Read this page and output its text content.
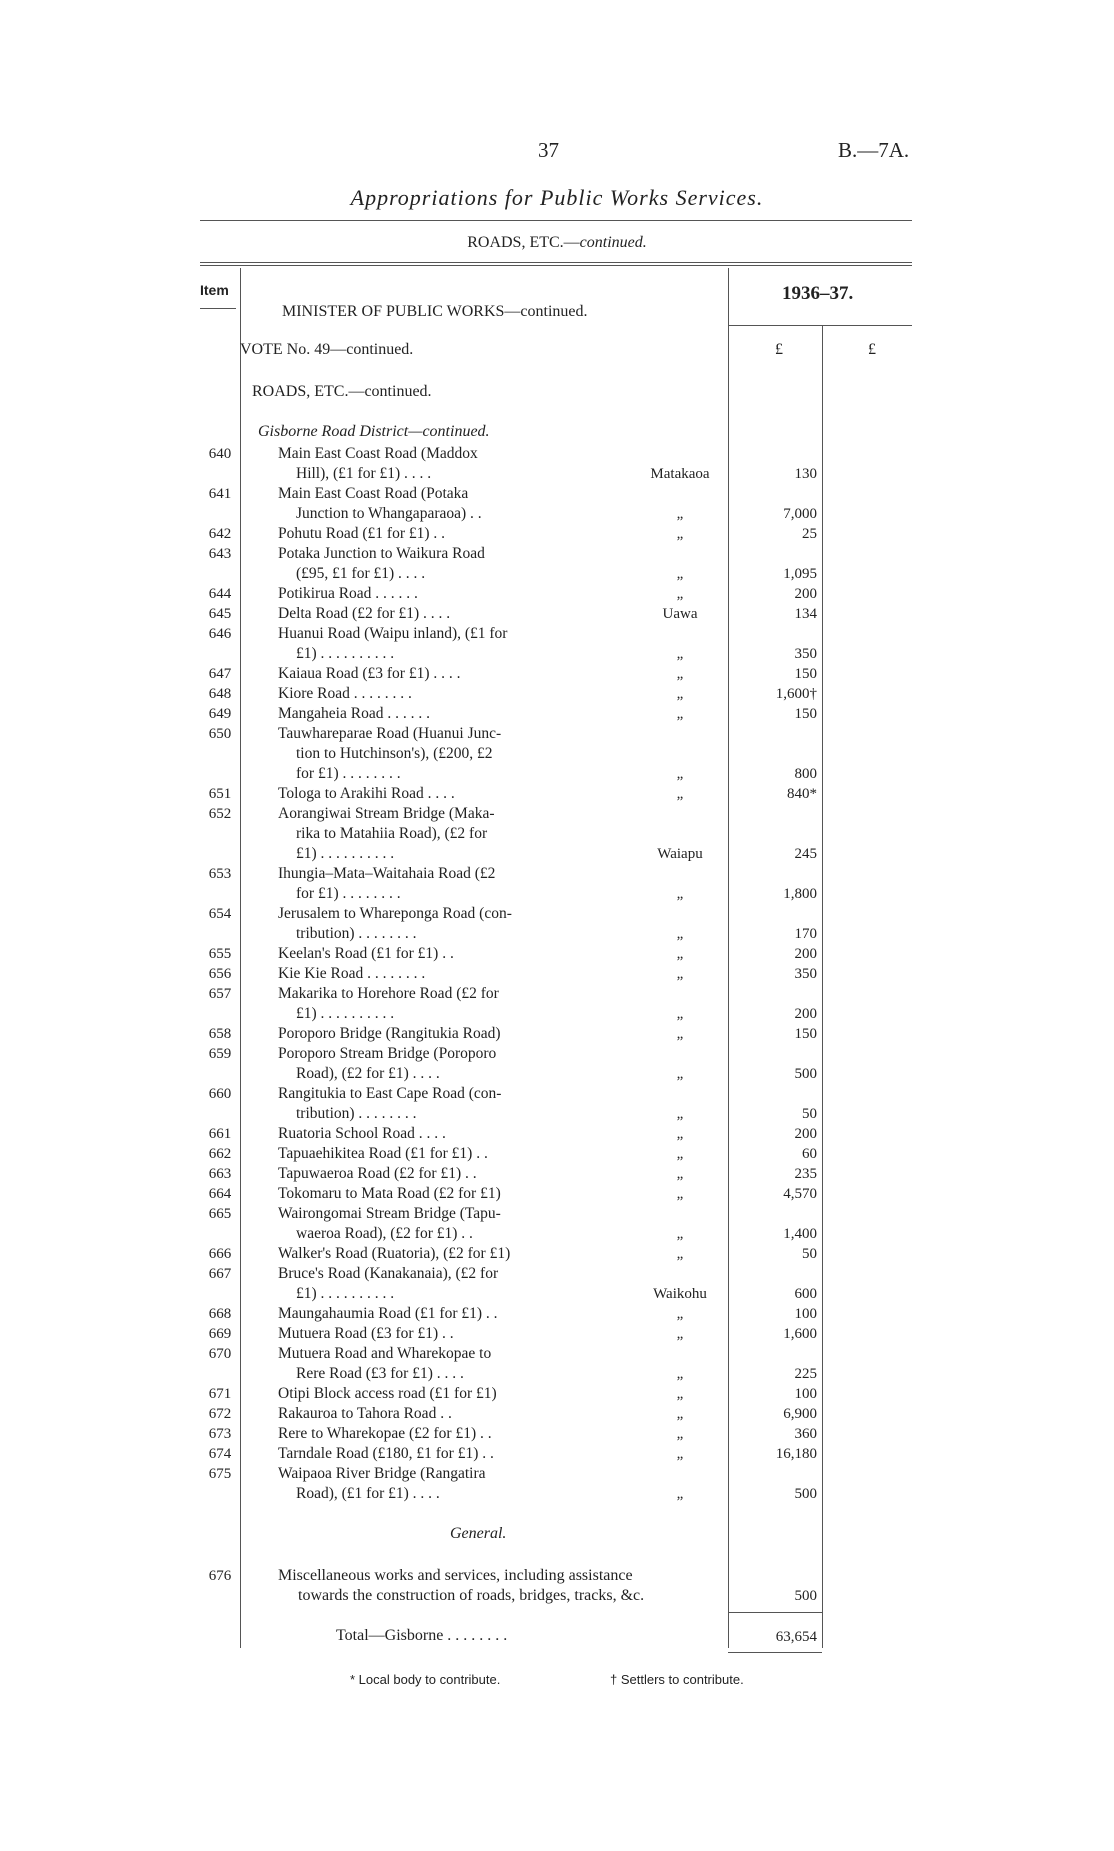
37	B.—7A.
Appropriations for Public Works Services.
ROADS, ETC.—continued.
Item
MINISTER OF PUBLIC WORKS—continued.
1936–37.
VOTE No. 49—continued.	£	£
ROADS, ETC.—continued.
Gisborne Road District—continued.
640	Main East Coast Road (Maddox
Hill), (£1 for £1) . . . .	Matakaoa	130
641	Main East Coast Road (Potaka
Junction to Whangaparaoa) . .	„	7,000
642	Pohutu Road (£1 for £1) . .	„	25
643	Potaka Junction to Waikura Road
(£95, £1 for £1) . . . .	„	1,095
644	Potikirua Road . . . . . .	„	200
645	Delta Road (£2 for £1) . . . .	Uawa	134
646	Huanui Road (Waipu inland), (£1 for
£1) . . . . . . . . . .	„	350
647	Kaiaua Road (£3 for £1) . . . .	„	150
648	Kiore Road . . . . . . . .	„	1,600†
649	Mangaheia Road . . . . . .	„	150
650	Tauwhareparae Road (Huanui Junc-
tion to Hutchinson's), (£200, £2
for £1) . . . . . . . .	„	800
651	Tologa to Arakihi Road . . . .	„	840*
652	Aorangiwai Stream Bridge (Maka-
rika to Matahiia Road), (£2 for
£1) . . . . . . . . . .	Waiapu	245
653	Ihungia–Mata–Waitahaia Road (£2
for £1) . . . . . . . .	„	1,800
654	Jerusalem to Whareponga Road (con-
tribution) . . . . . . . .	„	170
655	Keelan's Road (£1 for £1) . .	„	200
656	Kie Kie Road . . . . . . . .	„	350
657	Makarika to Horehore Road (£2 for
£1) . . . . . . . . . .	„	200
658	Poroporo Bridge (Rangitukia Road)	„	150
659	Poroporo Stream Bridge (Poroporo
Road), (£2 for £1) . . . .	„	500
660	Rangitukia to East Cape Road (con-
tribution) . . . . . . . .	„	50
661	Ruatoria School Road . . . .	„	200
662	Tapuaehikitea Road (£1 for £1) . .	„	60
663	Tapuwaeroa Road (£2 for £1) . .	„	235
664	Tokomaru to Mata Road (£2 for £1)	„	4,570
665	Wairongomai Stream Bridge (Tapu-
waeroa Road), (£2 for £1) . .	„	1,400
666	Walker's Road (Ruatoria), (£2 for £1)	„	50
667	Bruce's Road (Kanakanaia), (£2 for
£1) . . . . . . . . . .	Waikohu	600
668	Maungahaumia Road (£1 for £1) . .	„	100
669	Mutuera Road (£3 for £1) . .	„	1,600
670	Mutuera Road and Wharekopae to
Rere Road (£3 for £1) . . . .	„	225
671	Otipi Block access road (£1 for £1)	„	100
672	Rakauroa to Tahora Road . .	„	6,900
673	Rere to Wharekopae (£2 for £1) . .	„	360
674	Tarndale Road (£180, £1 for £1) . .	„	16,180
675	Waipaoa River Bridge (Rangatira
Road), (£1 for £1) . . . .	„	500
General.
676	Miscellaneous works and services, including assistance
towards the construction of roads, bridges, tracks, &c.	500
Total—Gisborne . . . . . . . .	63,654
* Local body to contribute.	† Settlers to contribute.
